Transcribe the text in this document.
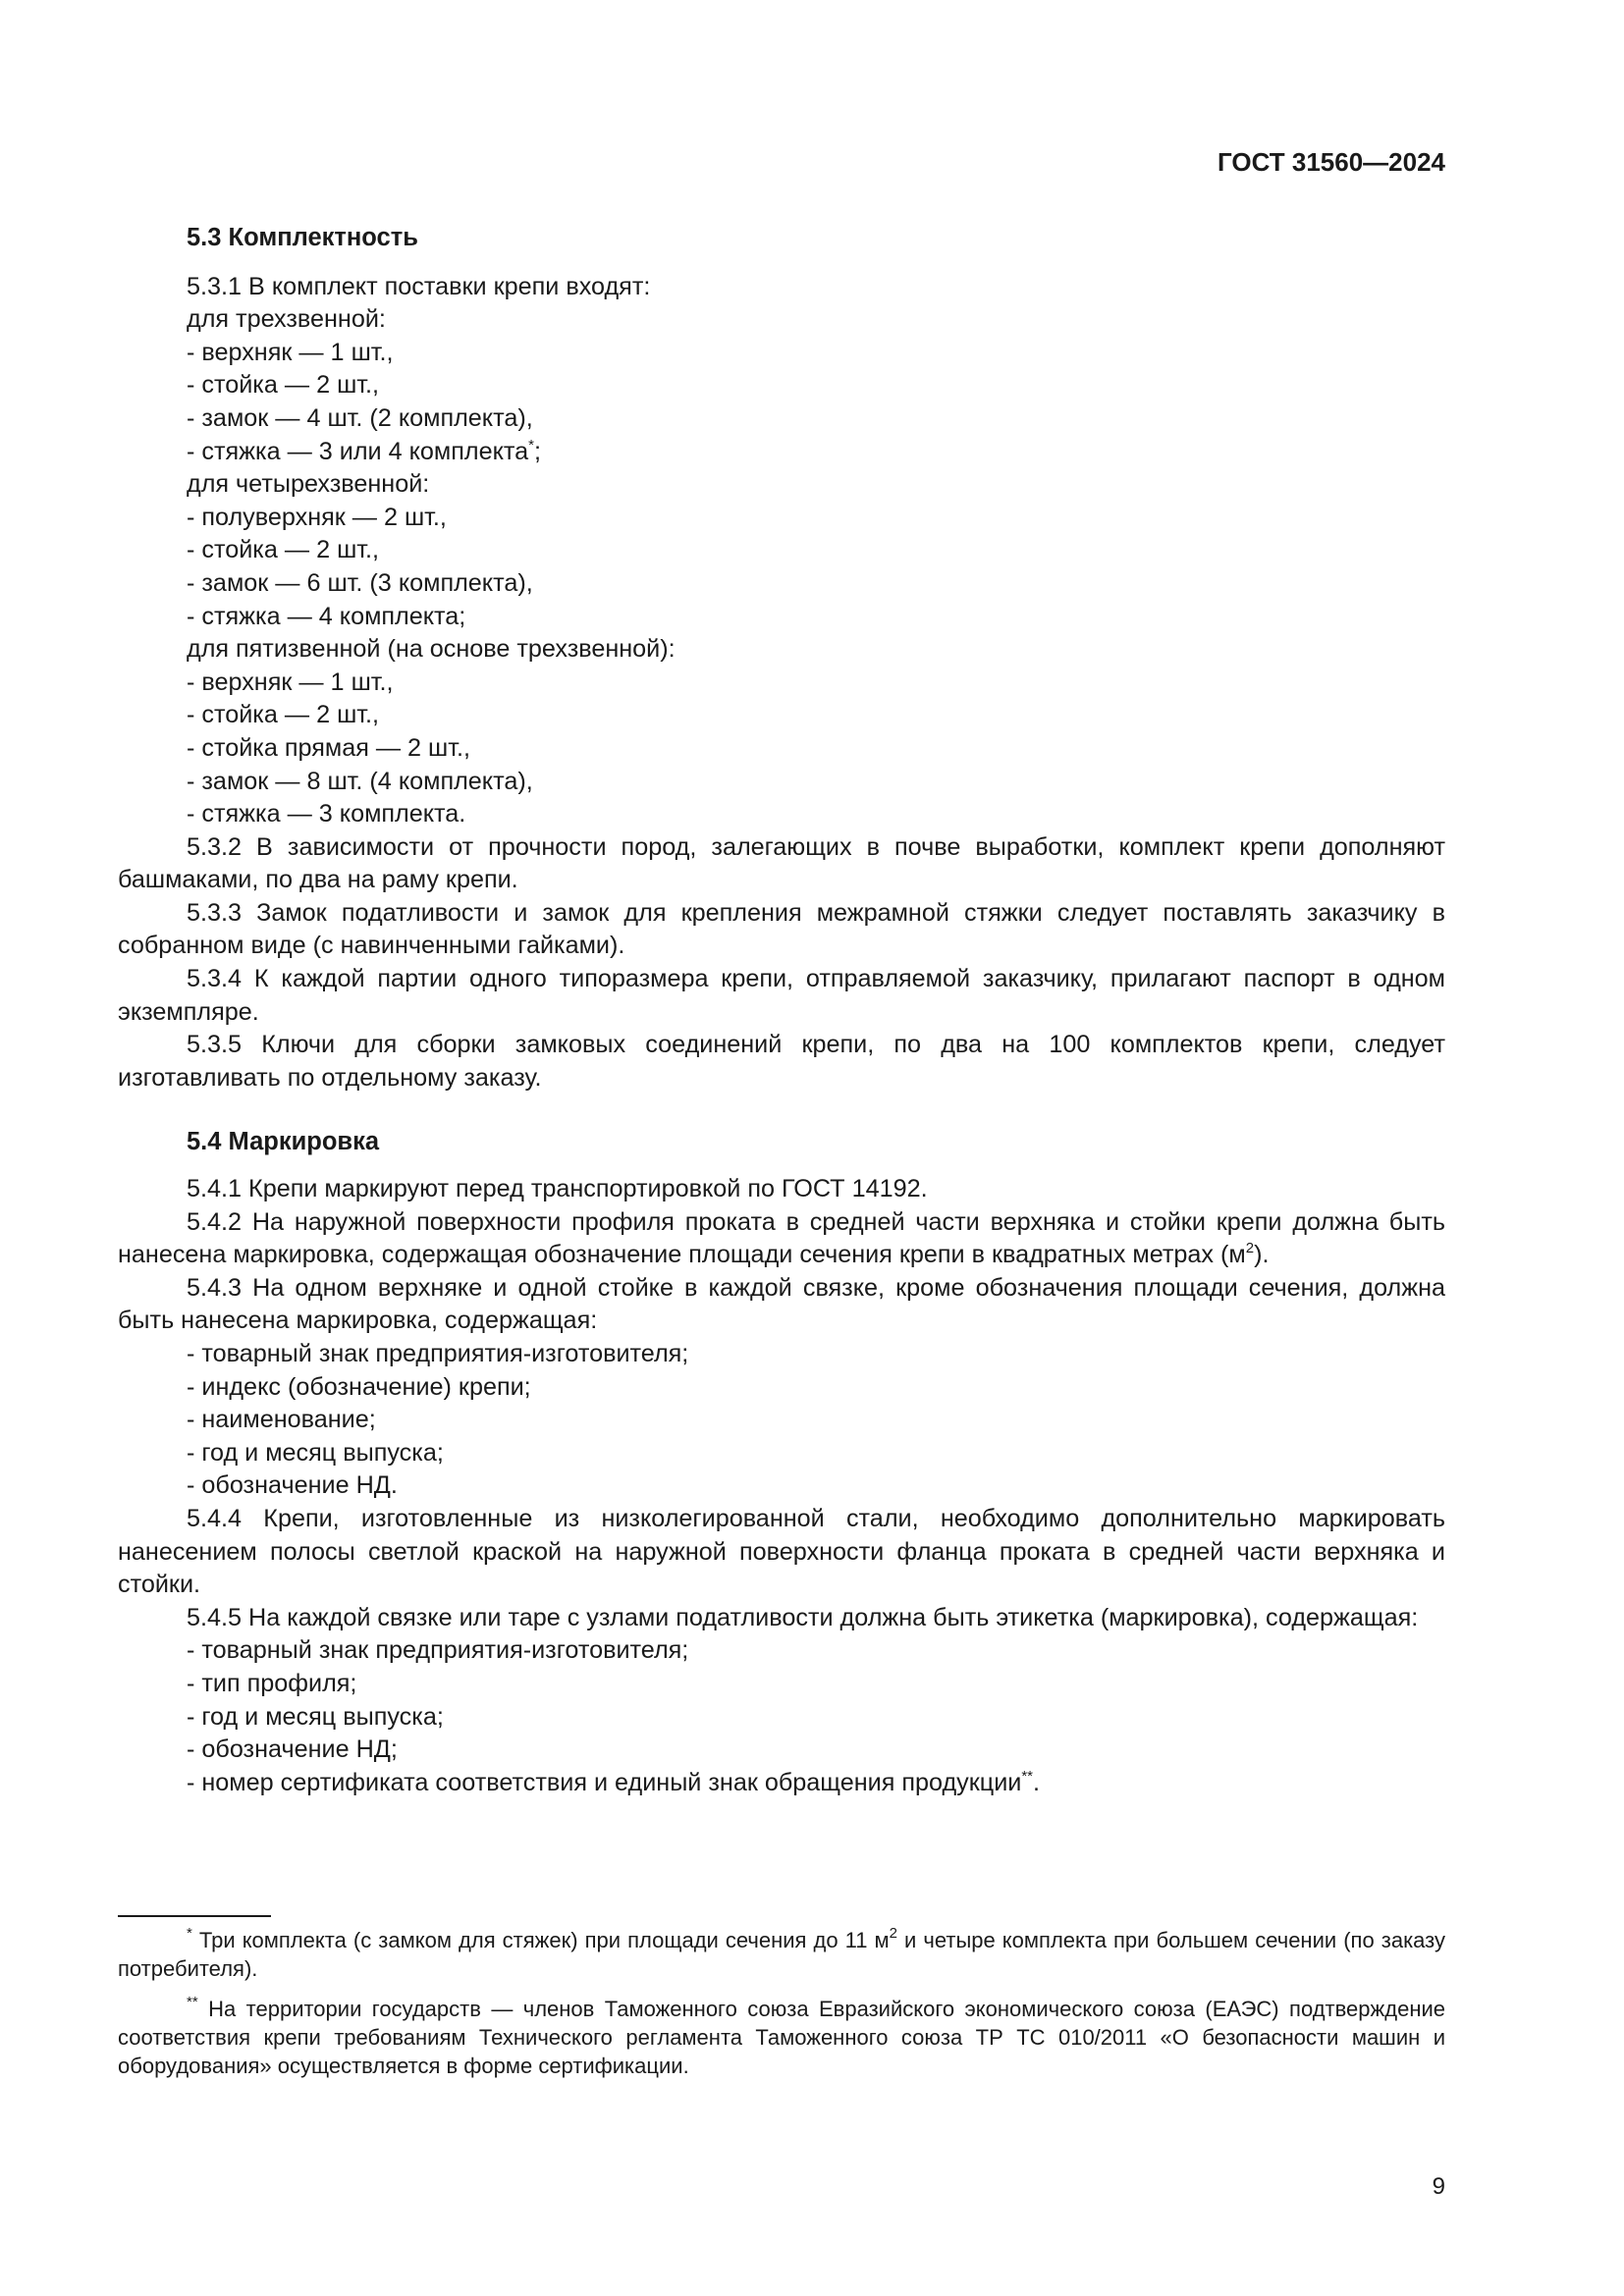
ГОСТ 31560—2024
5.3 Комплектность

5.3.1 В комплект поставки крепи входят:

для трехзвенной:

- верхняк — 1 шт.,

- стойка — 2 шт.,

- замок — 4 шт. (2 комплекта),

- стяжка — 3 или 4 комплекта*;

для четырехзвенной:

- полуверхняк — 2 шт.,

- стойка — 2 шт.,

- замок — 6 шт. (3 комплекта),

- стяжка — 4 комплекта;

для пятизвенной (на основе трехзвенной):

- верхняк — 1 шт.,

- стойка — 2 шт.,

- стойка прямая — 2 шт.,

- замок — 8 шт. (4 комплекта),

- стяжка — 3 комплекта.

5.3.2 В зависимости от прочности пород, залегающих в почве выработки, комплект крепи дополняют башмаками, по два на раму крепи.

5.3.3 Замок податливости и замок для крепления межрамной стяжки следует поставлять заказчику в собранном виде (с навинченными гайками).

5.3.4 К каждой партии одного типоразмера крепи, отправляемой заказчику, прилагают паспорт в одном экземпляре.

5.3.5 Ключи для сборки замковых соединений крепи, по два на 100 комплектов крепи, следует изготавливать по отдельному заказу.

5.4 Маркировка

5.4.1 Крепи маркируют перед транспортировкой по ГОСТ 14192.

5.4.2 На наружной поверхности профиля проката в средней части верхняка и стойки крепи должна быть нанесена маркировка, содержащая обозначение площади сечения крепи в квадратных метрах $(м^2)$.

5.4.3 На одном верхняке и одной стойке в каждой связке, кроме обозначения площади сечения, должна быть нанесена маркировка, содержащая:

- товарный знак предприятия-изготовителя;

- индекс (обозначение) крепи;

- наименование;

- год и месяц выпуска;

- обозначение НД.

5.4.4 Крепи, изготовленные из низколегированной стали, необходимо дополнительно маркировать нанесением полосы светлой краской на наружной поверхности фланца проката в средней части верхняка и стойки.

5.4.5 На каждой связке или таре с узлами податливости должна быть этикетка (маркировка), содержащая:

- товарный знак предприятия-изготовителя;

- тип профиля;

- год и месяц выпуска;

- обозначение НД;

- номер сертификата соответствия и единый знак обращения продукции**.

* Три комплекта (с замком для стяжек) при площади сечения до 11 $м^2$ и четыре комплекта при большем сечении (по заказу потребителя).

** На территории государств — членов Таможенного союза Евразийского экономического союза (ЕАЭС) подтверждение соответствия крепи требованиям Технического регламента Таможенного союза ТР ТС 010/2011 «О безопасности машин и оборудования» осуществляется в форме сертификации.

9
